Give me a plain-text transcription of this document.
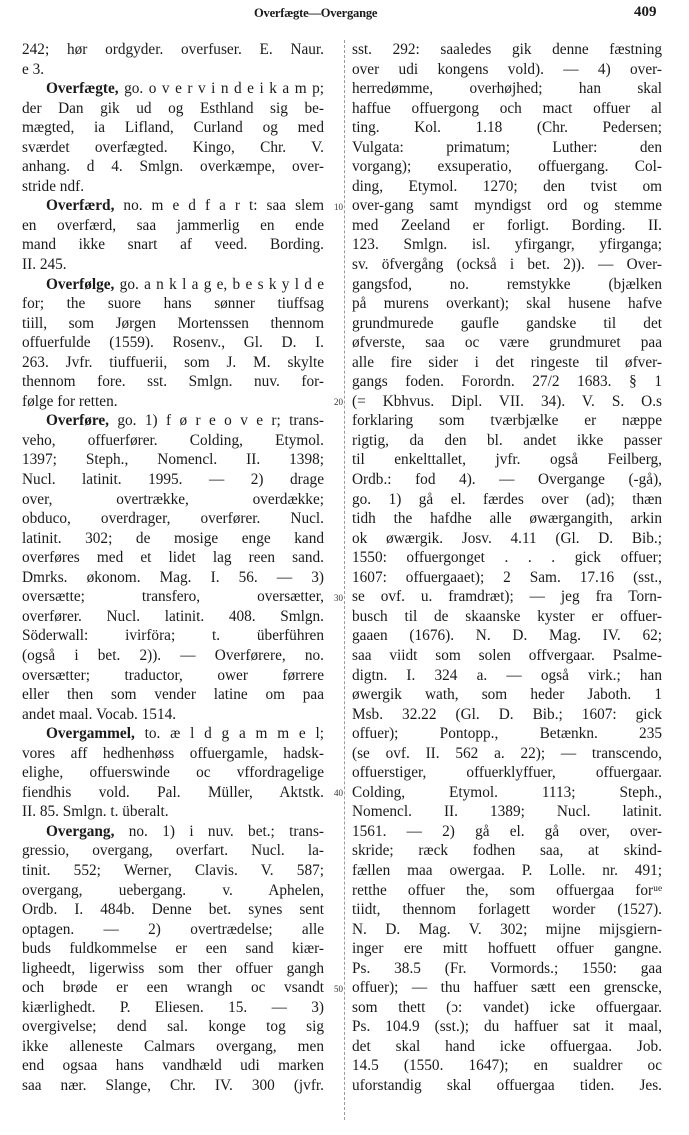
Overfægte—Overgange	409
242; hør ordgyder. overfuser. E. Naur.
e 3.
Overfægte, go. o v e r v i n d e i k a m p;
der Dan gik ud og Esthland sig be-
mægted, ia Lifland, Curland og med
sværdet overfægted. Kingo, Chr. V.
anhang. d 4. Smlgn. overkæmpe, over-
stride ndf.
Overfærd, no. m e d f a r t: saa slem
en overfærd, saa jammerlig en ende
mand ikke snart af veed. Bording.
II. 245.
Overfølge, go. a n k l a g e, b e s k y l d e
for; the suore hans sønner tiuffsag
tiill, som Jørgen Mortenssen thennom
offuerfulde (1559). Rosenv., Gl. D. I.
263. Jvfr. tiuffuerii, som J. M. skylte
thennom fore. sst. Smlgn. nuv. for-
følge for retten.
Overføre, go. 1) f ø r e o v e r; trans-
veho, offuerfører. Colding, Etymol.
1397; Steph., Nomencl. II. 1398;
Nucl. latinit. 1995. — 2) drage
over, overtrække, overdække;
obduco, overdrager, overfører. Nucl.
latinit. 302; de mosige enge kand
overføres med et lidet lag reen sand.
Dmrks. økonom. Mag. I. 56. — 3)
oversætte; transfero, oversætter,
overfører. Nucl. latinit. 408. Smlgn.
Söderwall: ivirföra; t. überführen
(også i bet. 2)). — Overførere, no.
oversætter; traductor, ower førrere
eller then som vender latine om paa
andet maal. Vocab. 1514.
Overgammel, to. æ l d g a m m e l;
vores aff hedhenhøss offuergamle, hadsk-
elighe, offuerswinde oc vffordragelige
fiendhis vold. Pal. Müller, Aktstk.
II. 85. Smlgn. t. überalt.
Overgang, no. 1) i nuv. bet.; trans-
gressio, overgang, overfart. Nucl. la-
tinit. 552; Werner, Clavis. V. 587;
overgang, uebergang. v. Aphelen,
Ordb. I. 484b. Denne bet. synes sent
optagen. — 2) overtrædelse; alle
buds fuldkommelse er een sand kiær-
ligheedt, ligerwiss som ther offuer gangh
och brøde er een wrangh oc vsandt
kiærlighedt. P. Eliesen. 15. — 3)
overgivelse; dend sal. konge tog sig
ikke alleneste Calmars overgang, men
end ogsaa hans vandhæld udi marken
saa nær. Slange, Chr. IV. 300 (jvfr.
sst. 292: saaledes gik denne fæstning
over udi kongens vold). — 4) over-
herredømme, overhøjhed; han skal
haffue offuergong och mact offuer al
ting. Kol. 1.18 (Chr. Pedersen;
Vulgata: primatum; Luther: den
vorgang); exsuperatio, offuergang. Col-
ding, Etymol. 1270; den tvist om
over-gang samt myndigst ord og stemme
med Zeeland er forligt. Bording. II.
123. Smlgn. isl. yfirgangr, yfirganga;
sv. öfvergång (också i bet. 2)). — Over-
gangsfod, no. remstykke (bjælken
på murens overkant); skal husene hafve
grundmurede gaufle gandske til det
øfverste, saa oc være grundmuret paa
alle fire sider i det ringeste til øfver-
gangs foden. Forordn. 27/2 1683. § 1
(= Kbhvus. Dipl. VII. 34). V. S. O.s
forklaring som tværbjælke er næppe
rigtig, da den bl. andet ikke passer
til enkelttallet, jvfr. også Feilberg,
Ordb.: fod 4). — Overgange (-gå),
go. 1) gå el. færdes over (ad); thæn
tidh the hafdhe alle øwærgangith, arkin
ok øwærgik. Josv. 4.11 (Gl. D. Bib.;
1550: offuergonget . . . gick offuer;
1607: offuergaaet); 2 Sam. 17.16 (sst.,
se ovf. u. framdræt); — jeg fra Torn-
busch til de skaanske kyster er offuer-
gaaen (1676). N. D. Mag. IV. 62;
saa viidt som solen offvergaar. Psalme-
digtn. I. 324 a. — også virk.; han
øwergik wath, som heder Jaboth. 1
Msb. 32.22 (Gl. D. Bib.; 1607: gick
offuer); Pontopp., Betænkn. 235
(se ovf. II. 562 a. 22); — transcendo,
offuerstiger, offuerklyffuer, offuergaar.
Colding, Etymol. 1113; Steph.,
Nomencl. II. 1389; Nucl. latinit.
1561. — 2) gå el. gå over, over-
skride; ræck fodhen saa, at skind-
fællen maa owergaa. P. Lolle. nr. 491;
retthe offuer the, som offuergaa forᵘᵉ
tiidt, thennom forlagett worder (1527).
N. D. Mag. V. 302; mijne mijsgiern-
inger ere mitt hoffuett offuer gangne.
Ps. 38.5 (Fr. Vormords.; 1550: gaa
offuer); — thu haffuer sætt een grenscke,
som thett (ɔ: vandet) icke offuergaar.
Ps. 104.9 (sst.); du haffuer sat it maal,
det skal hand icke offuergaa. Job.
14.5 (1550. 1647); en sualdrer oc
uforstandig skal offuergaa tiden. Jes.
10
20
30
40
50
